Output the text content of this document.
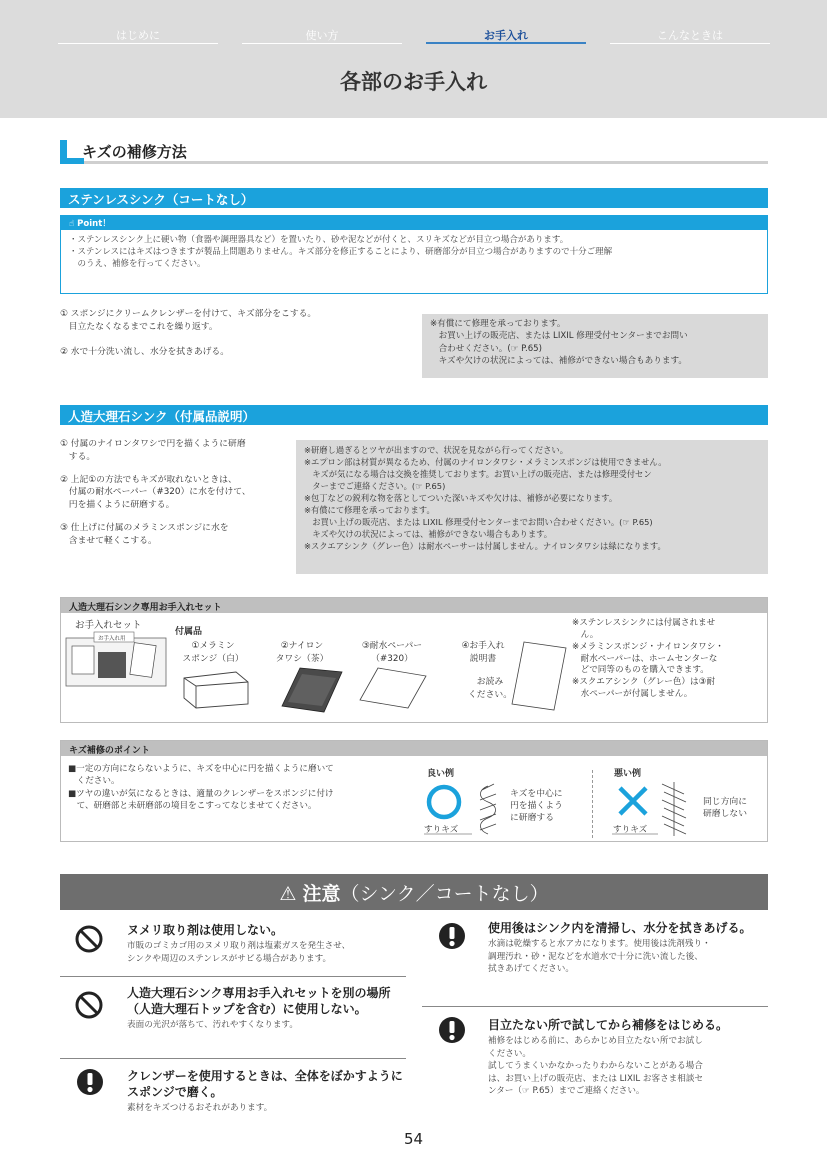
はじめに	使い方	お手入れ	こんなときは
各部のお手入れ
キズの補修方法
ステンレスシンク（コートなし）
☝ Point！
・ステンレスシンク上に硬い物（食器や調理器具など）を置いたり、砂や泥などが付くと、スリキズなどが目立つ場合があります。
・ステンレスにはキズはつきますが製品上問題ありません。キズ部分を修正することにより、研磨部分が目立つ場合がありますので十分ご理解
　のうえ、補修を行ってください。
① スポンジにクリームクレンザーを付けて、キズ部分をこする。
　目立たなくなるまでこれを繰り返す。
② 水で十分洗い流し、水分を拭きあげる。
※有償にて修理を承っております。
　お買い上げの販売店、または LIXIL 修理受付センターまでお問い
　合わせください。(☞ P.65)
　キズや欠けの状況によっては、補修ができない場合もあります。
人造大理石シンク（付属品説明）
① 付属のナイロンタワシで円を描くように研磨
　する。
② 上記①の方法でもキズが取れないときは、
　付属の耐水ペーパー（#320）に水を付けて、
　円を描くように研磨する。
③ 仕上げに付属のメラミンスポンジに水を
　含ませて軽くこする。
※研磨し過ぎるとツヤが出ますので、状況を見ながら行ってください。
※エプロン部は材質が異なるため、付属のナイロンタワシ・メラミンスポンジは使用できません。
　キズが気になる場合は交換を推奨しております。お買い上げの販売店、または修理受付セン
　ターまでご連絡ください。(☞ P.65)
※包丁などの鋭利な物を落としてついた深いキズや欠けは、補修が必要になります。
※有償にて修理を承っております。
　お買い上げの販売店、または LIXIL 修理受付センターまでお問い合わせください。(☞ P.65)
　キズや欠けの状況によっては、補修ができない場合もあります。
※スクエアシンク（グレー色）は耐水ペーサーは付属しません。ナイロンタワシは緑になります。
人造大理石シンク専用お手入れセット
お手入れセット
お手入れ用
付属品
①メラミン
スポンジ（白）
②ナイロン
タワシ（茶）
③耐水ペーパー
（#320）
④お手入れ
説明書
お読み
ください。
※ステンレスシンクには付属されませ
　ん。
※メラミンスポンジ・ナイロンタワシ・
　耐水ペーパーは、ホームセンターな
　どで同等のものを購入できます。
※スクエアシンク（グレー色）は③耐
　水ペーパーが付属しません。
キズ補修のポイント
■一定の方向にならないように、キズを中心に円を描くように磨いて
　ください。
■ツヤの違いが気になるときは、適量のクレンザーをスポンジに付け
　て、研磨部と未研磨部の境目をこすってなじませてください。
良い例
すりキズ
キズを中心に
円を描くよう
に研磨する
悪い例
すりキズ
同じ方向に
研磨しない
⚠ 注意（シンク／コートなし）
ヌメリ取り剤は使用しない。
市販のゴミカゴ用のヌメリ取り剤は塩素ガスを発生させ、
シンクや周辺のステンレスがサビる場合があります。
人造大理石シンク専用お手入れセットを別の場所（人造大理石トップを含む）に使用しない。
表面の光沢が落ちて、汚れやすくなります。
クレンザーを使用するときは、全体をぼかすようにスポンジで磨く。
素材をキズつけるおそれがあります。
使用後はシンク内を清掃し、水分を拭きあげる。
水滴は乾燥すると水アカになります。使用後は洗剤残り・
調理汚れ・砂・泥などを水道水で十分に洗い流した後、
拭きあげてください。
目立たない所で試してから補修をはじめる。
補修をはじめる前に、あらかじめ目立たない所でお試し
ください。
試してうまくいかなかったりわからないことがある場合
は、お買い上げの販売店、または LIXIL お客さま相談セ
ンター（☞ P.65）までご連絡ください。
54
